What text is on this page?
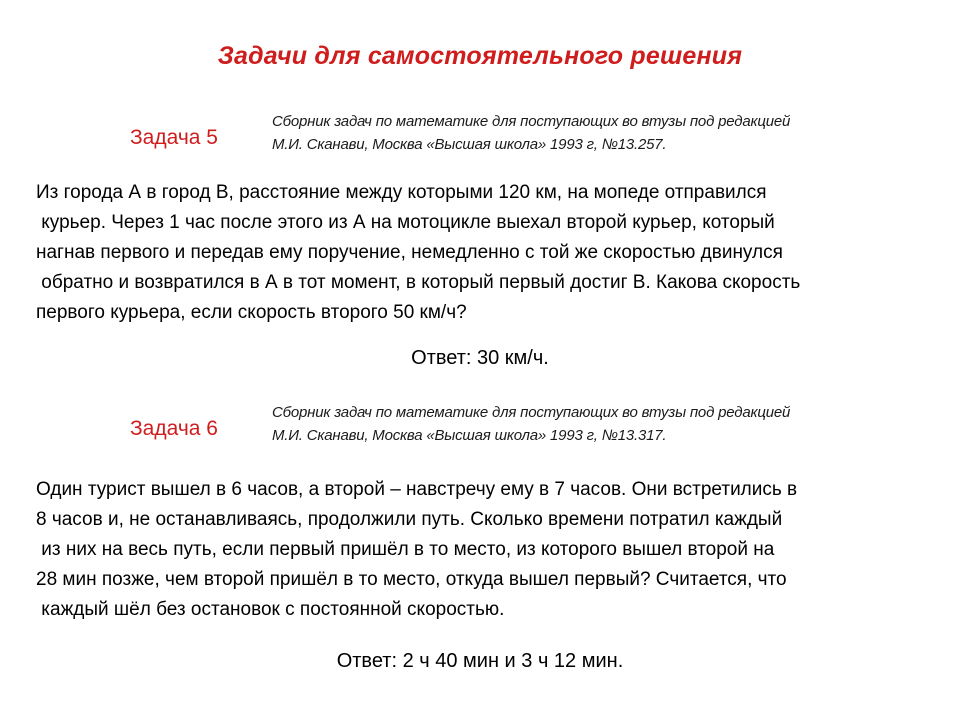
Задачи для самостоятельного решения
Задача 5
Сборник задач по математике для поступающих во втузы под редакцией
М.И. Сканави, Москва «Высшая школа» 1993 г, №13.257.
Из города А в город В, расстояние между которыми 120 км, на мопеде отправился
курьер. Через 1 час после этого из А на мотоцикле выехал второй курьер, который
нагнав первого и передав ему поручение, немедленно с той же скоростью двинулся
обратно и возвратился в А в тот момент, в который первый достиг В. Какова скорость
первого курьера, если скорость второго 50 км/ч?
Ответ: 30 км/ч.
Задача 6
Сборник задач по математике для поступающих во втузы под редакцией
М.И. Сканави, Москва «Высшая школа» 1993 г, №13.317.
Один турист вышел в 6 часов, а второй – навстречу ему в 7 часов. Они встретились в
8 часов и, не останавливаясь, продолжили путь. Сколько времени потратил каждый
из них на весь путь, если первый пришёл в то место, из которого вышел второй на
28 мин позже, чем второй пришёл в то место, откуда вышел первый? Считается, что
каждый шёл без остановок с постоянной скоростью.
Ответ: 2 ч 40 мин и 3 ч 12 мин.
